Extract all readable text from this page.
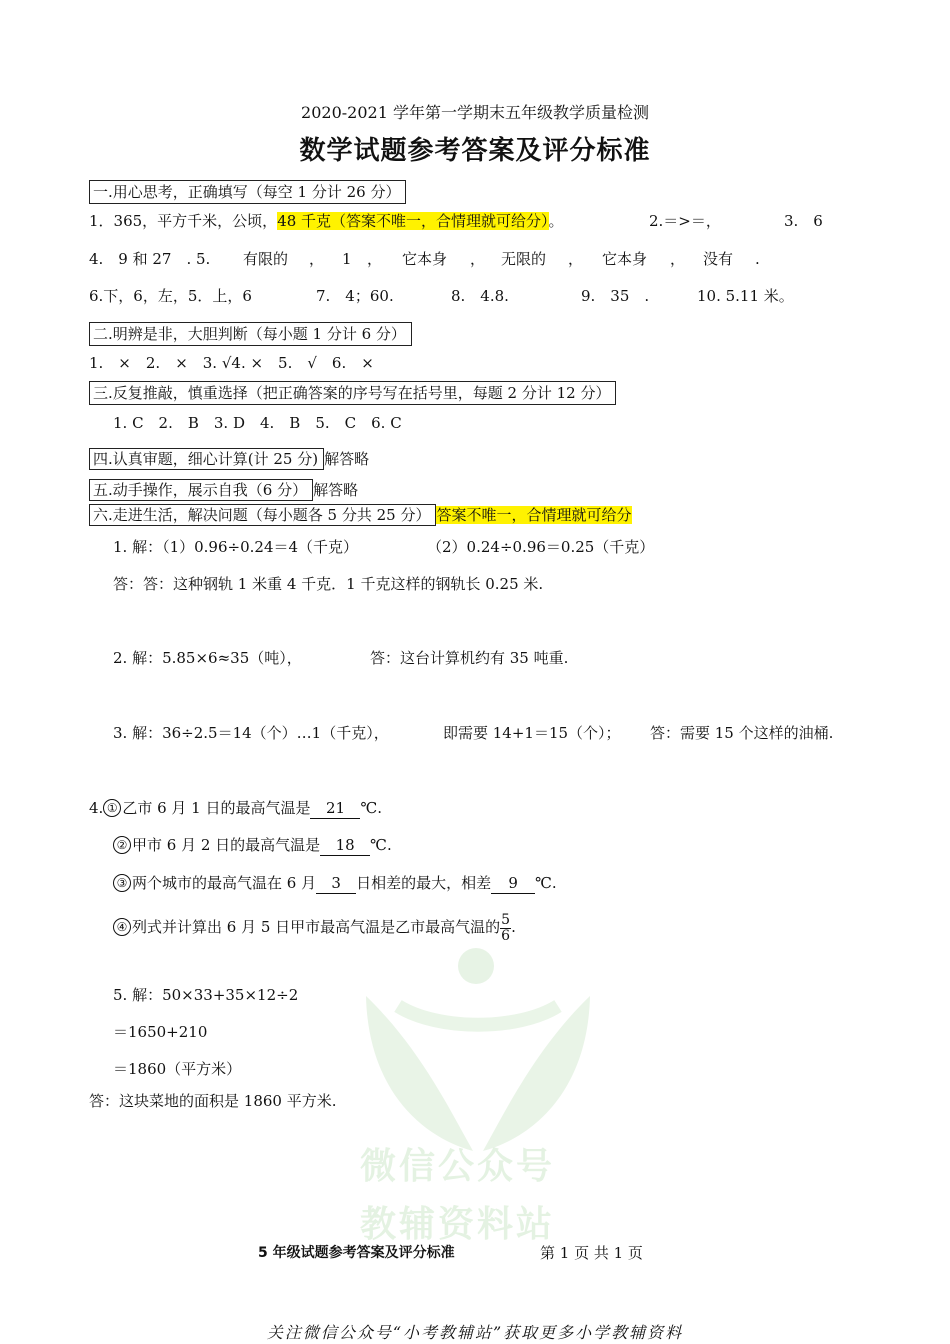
微信公众号
教辅资料站
2020-2021 学年第一学期末五年级教学质量检测
数学试题参考答案及评分标准
一.用心思考，正确填写（每空 1 分计 26 分）
1．365，平方千米，公顷，48 千克（答案不唯一，合情理就可给分）。	2.＝>＝，	3.　6
4.　9 和 27　. 5. 有限的 ， 1 ， 它本身 ， 无限的 ， 它本身 ， 没有 .
6.下，6，左，5．上，6	7.　4；60.	8.　4.8.	9.　35　.	10. 5.11 米。
二.明辨是非，大胆判断（每小题 1 分计 6 分）
1.　×　2.　×　3. √4. ×　5.　√　6.　×
三.反复推敲，慎重选择（把正确答案的序号写在括号里，每题 2 分计 12 分）
1. C　2.　B　3. D　4.　B　5.　C　6. C
四.认真审题，细心计算(计 25 分) 解答略
五.动手操作，展示自我（6 分） 解答略
六.走进生活，解决问题（每小题各 5 分共 25 分） 答案不唯一，合情理就可给分
1. 解：（1）0.96÷0.24＝4（千克）	（2）0.24÷0.96＝0.25（千克）
答：答：这种钢轨 1 米重 4 千克．1 千克这样的钢轨长 0.25 米.
2. 解：5.85×6≈35（吨），	答：这台计算机约有 35 吨重.
3. 解：36÷2.5＝14（个）…1（千克），	即需要 14+1＝15（个）； 答：需要 15 个这样的油桶.
4. ① 乙市 6 月 1 日的最高气温是 21 ℃.
② 甲市 6 月 2 日的最高气温是 18 ℃.
③ 两个城市的最高气温在 6 月 3 日相差的最大，相差 9 ℃.
④ 列式并计算出 6 月 5 日甲市最高气温是乙市最高气温的 $\frac{5}{6}$ .
5. 解：50×33+35×12÷2
＝1650+210
＝1860（平方米）
答：这块菜地的面积是 1860 平方米.
5 年级试题参考答案及评分标准	第 1 页 共 1 页
关注微信公众号“小考教辅站”获取更多小学教辅资料
